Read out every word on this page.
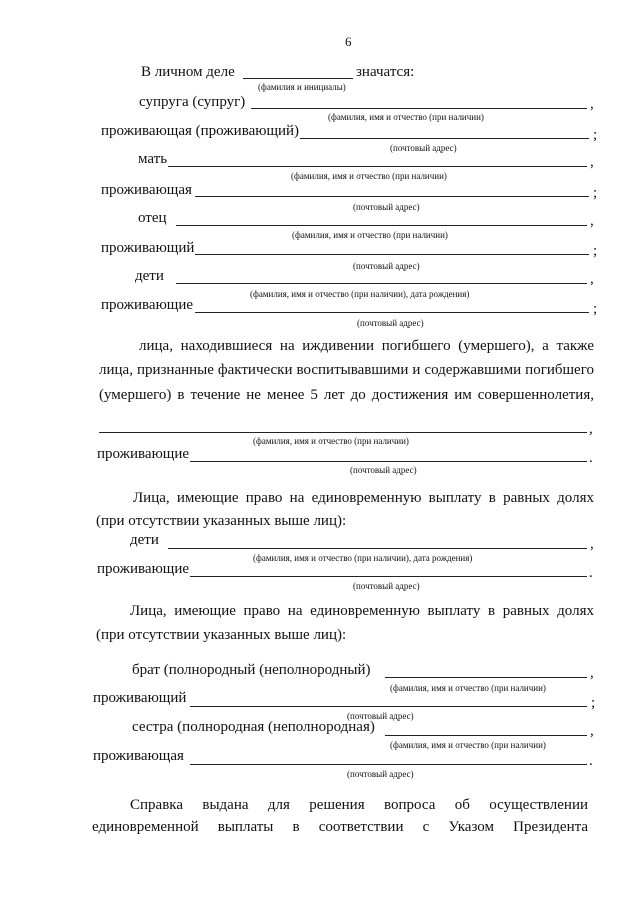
6
В личном деле	значатся:
(фамилия и инициалы)
супруга (супруг)	,
(фамилия, имя и отчество (при наличии)
проживающая (проживающий)	;
(почтовый адрес)
мать	,
(фамилия, имя и отчество (при наличии)
проживающая	;
(почтовый адрес)
отец	,
(фамилия, имя и отчество (при наличии)
проживающий	;
(почтовый адрес)
дети	,
(фамилия, имя и отчество (при наличии), дата рождения)
проживающие	;
(почтовый адрес)
лица, находившиеся на иждивении погибшего (умершего), а также
лица, признанные фактически воспитывавшими и содержавшими погибшего
(умершего) в течение не менее 5 лет до достижения им совершеннолетия,
,
(фамилия, имя и отчество (при наличии)
проживающие	.
(почтовый адрес)
Лица, имеющие право на единовременную выплату в равных долях
(при отсутствии указанных выше лиц):
дети	,
(фамилия, имя и отчество (при наличии), дата рождения)
проживающие	.
(почтовый адрес)
Лица, имеющие право на единовременную выплату в равных долях
(при отсутствии указанных выше лиц):
брат (полнородный (неполнородный)	,
(фамилия, имя и отчество (при наличии)
проживающий	;
(почтовый адрес)
сестра (полнородная (неполнородная)	,
(фамилия, имя и отчество (при наличии)
проживающая	.
(почтовый адрес)
Справка выдана для решения вопроса об осуществлении
единовременной выплаты в соответствии с Указом Президента
